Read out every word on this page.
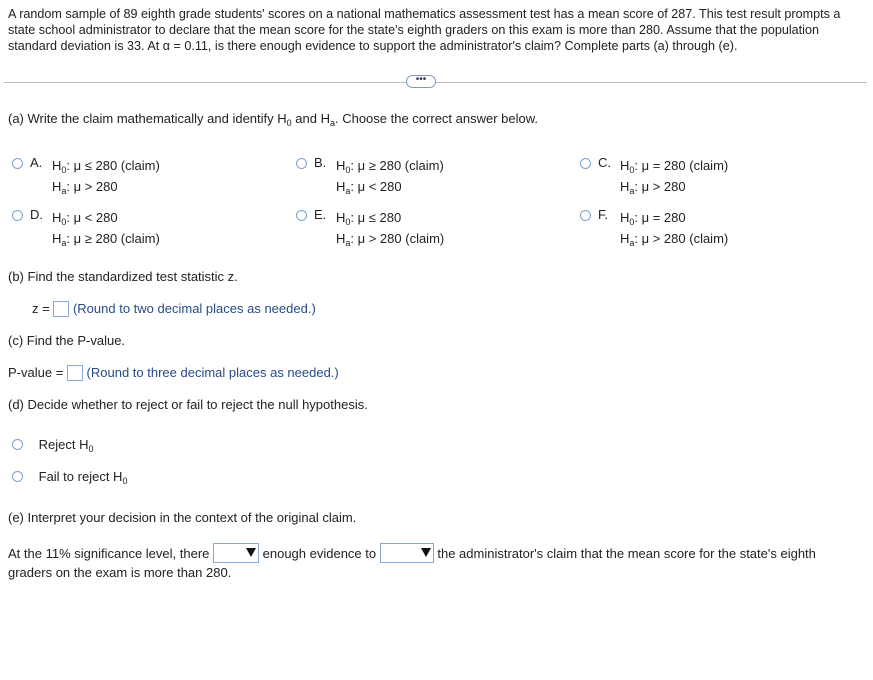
A random sample of 89 eighth grade students' scores on a national mathematics assessment test has a mean score of 287. This test result prompts a state school administrator to declare that the mean score for the state's eighth graders on this exam is more than 280. Assume that the population standard deviation is 33. At α = 0.11, is there enough evidence to support the administrator's claim? Complete parts (a) through (e).
•••
(a) Write the claim mathematically and identify $H_0$ and $H_a$. Choose the correct answer below.
A. $H_0$: μ ≤ 280 (claim)
$H_a$: μ > 280
B. $H_0$: μ ≥ 280 (claim)
$H_a$: μ < 280
C. $H_0$: μ = 280 (claim)
$H_a$: μ > 280
D. $H_0$: μ < 280
$H_a$: μ ≥ 280 (claim)
E. $H_0$: μ ≤ 280
$H_a$: μ > 280 (claim)
F. $H_0$: μ = 280
$H_a$: μ > 280 (claim)
(b) Find the standardized test statistic z.
z = (Round to two decimal places as needed.)
(c) Find the P-value.
P-value = (Round to three decimal places as needed.)
(d) Decide whether to reject or fail to reject the null hypothesis.
Reject $H_0$
Fail to reject $H_0$
(e) Interpret your decision in the context of the original claim.
At the 11% significance level, there	enough evidence to	the administrator's claim that the mean score for the state's eighth
graders on the exam is more than 280.
